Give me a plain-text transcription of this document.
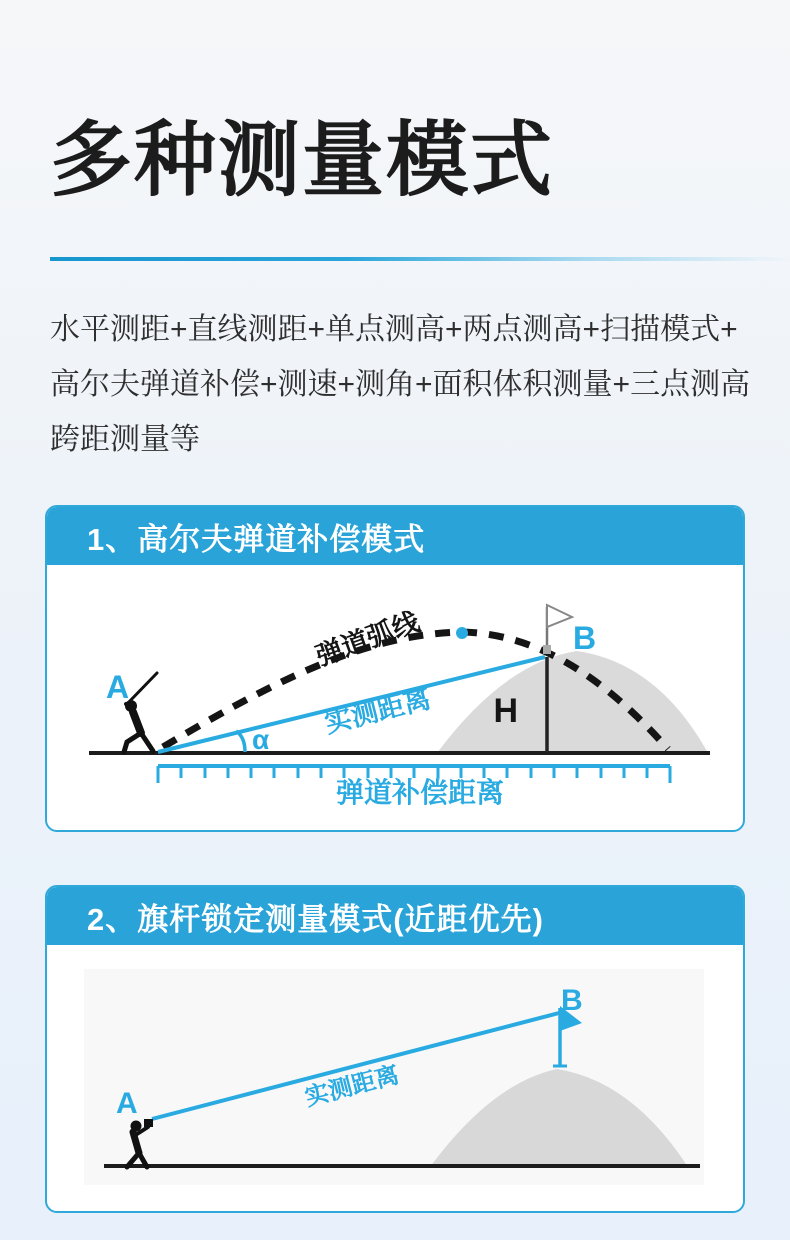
多种测量模式
水平测距+直线测距+单点测高+两点测高+扫描模式+
高尔夫弹道补偿+测速+测角+面积体积测量+三点测高
跨距测量等
1、高尔夫弹道补偿模式
弹道补偿距离
α
A
弹道弧线
实测距离 H
B
2、旗杆锁定测量模式(近距优先)
实测距离
B
A
